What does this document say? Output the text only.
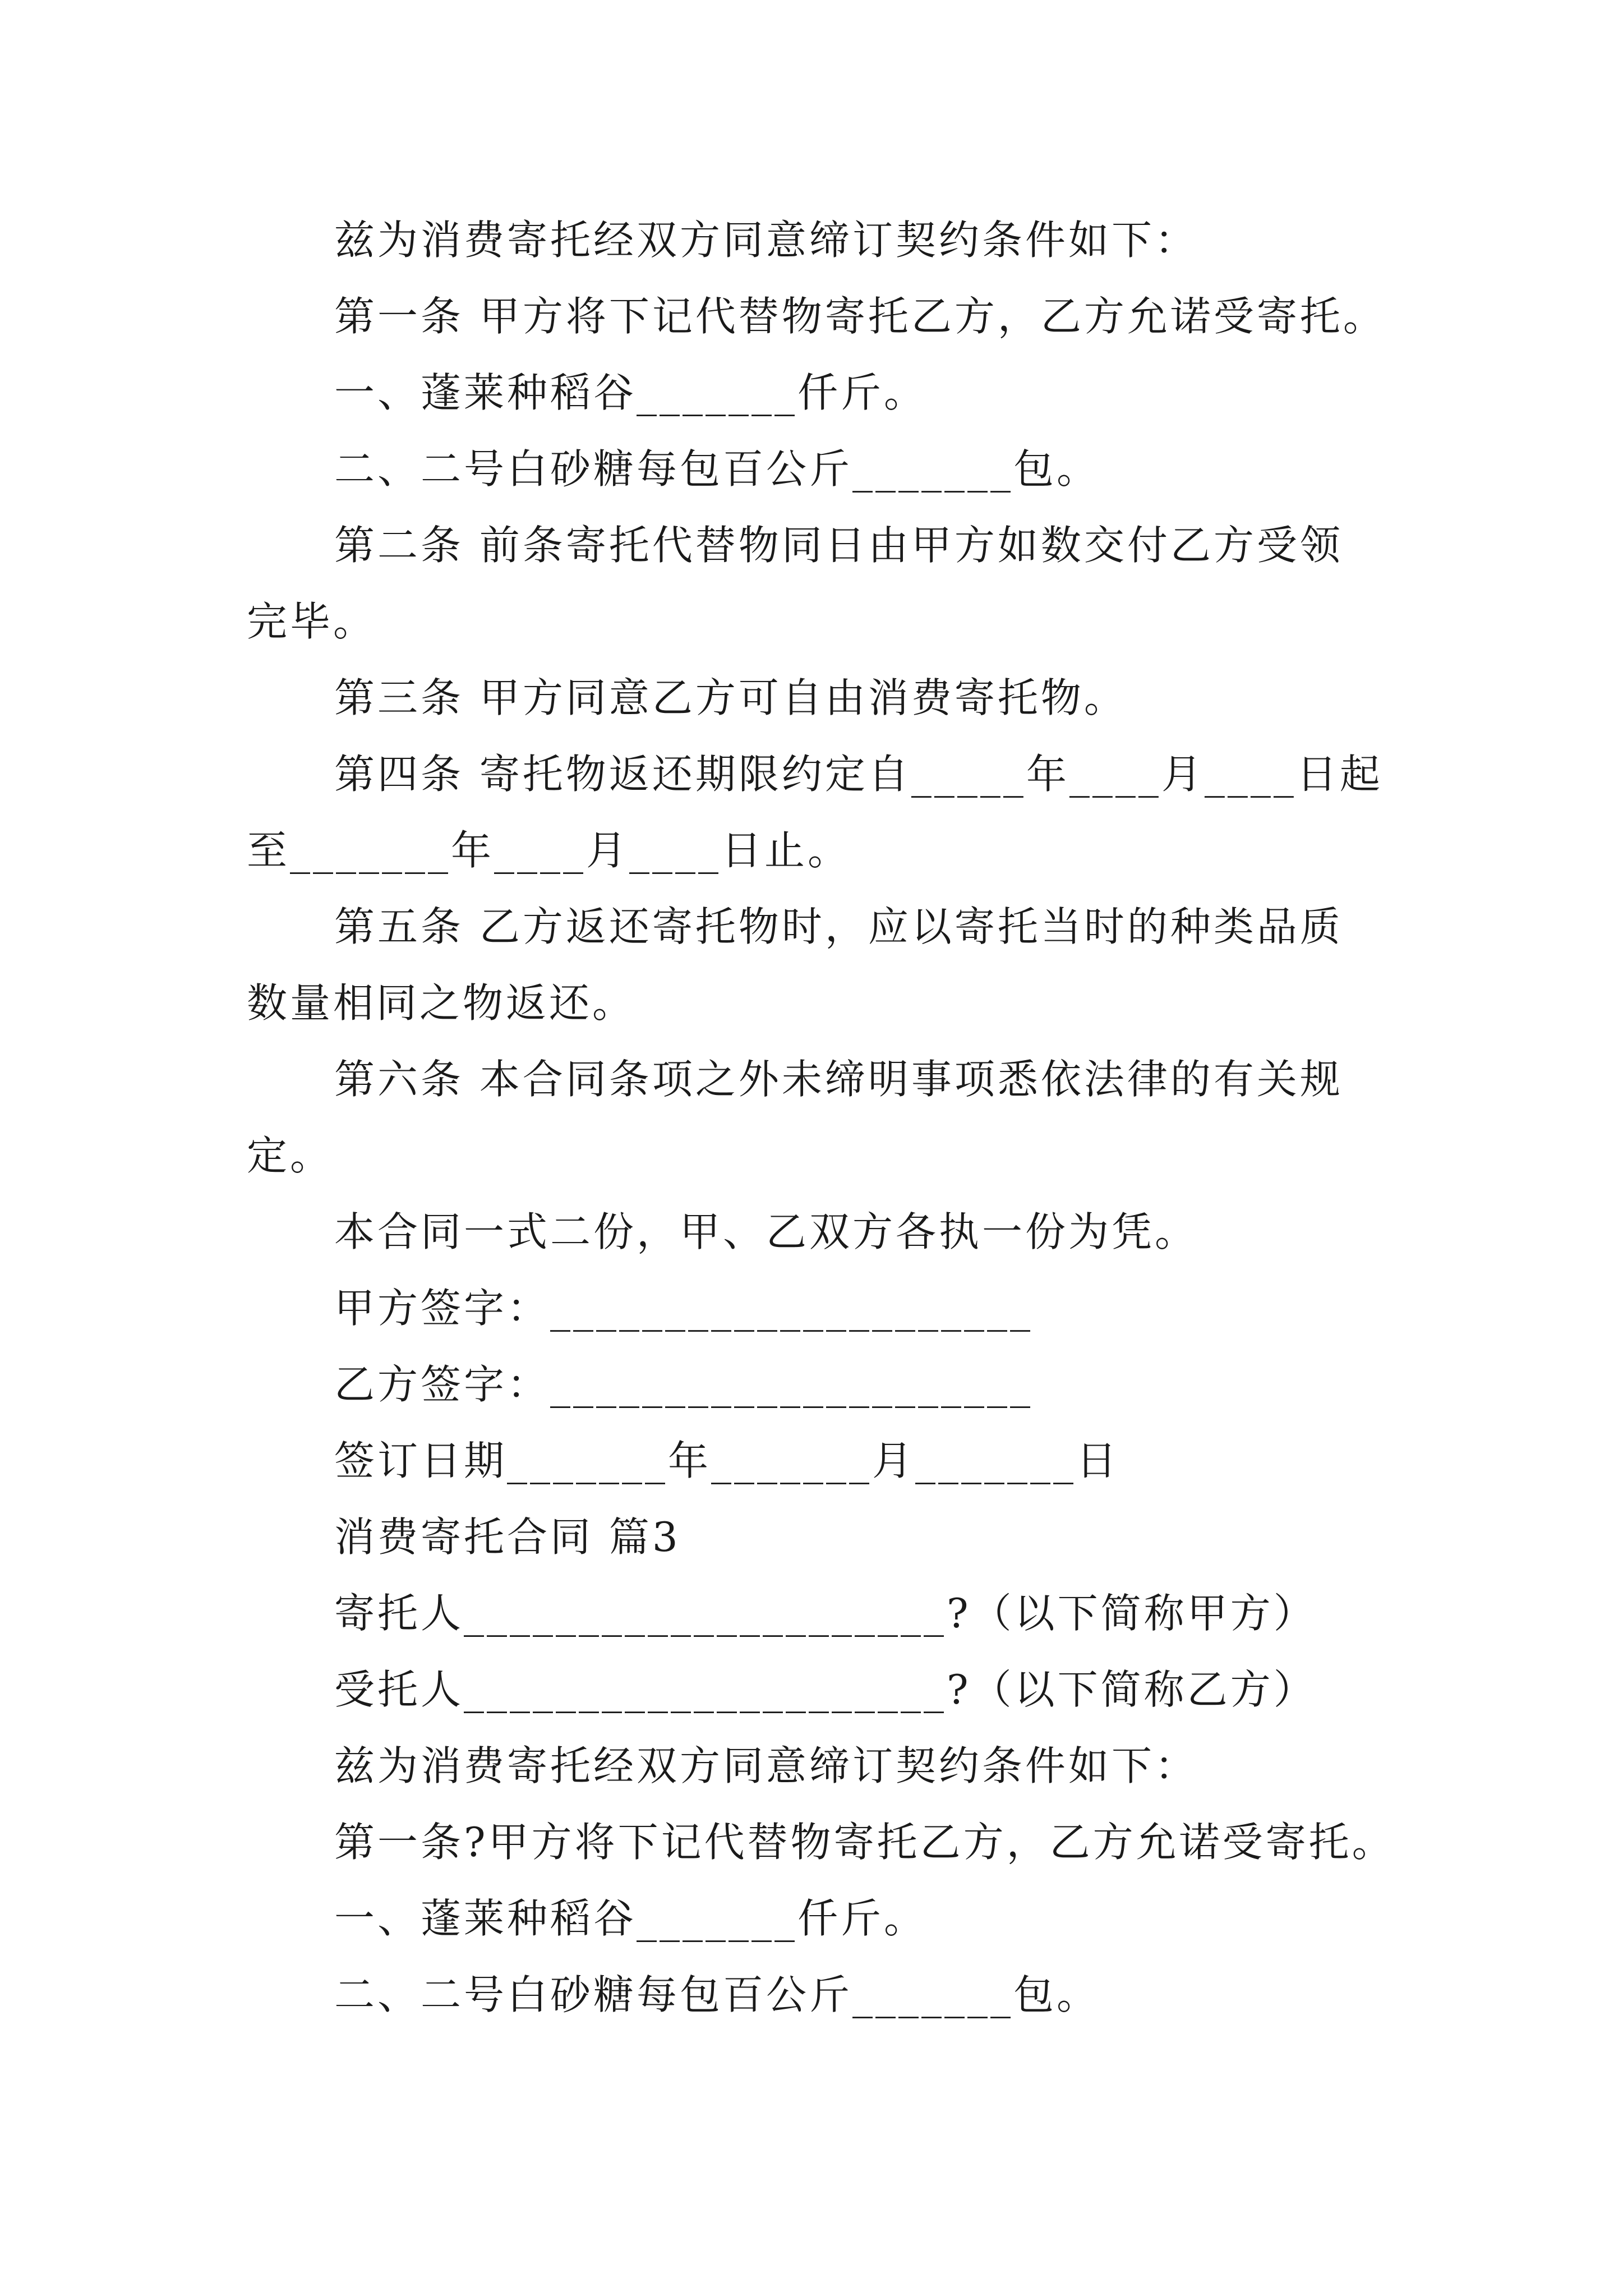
兹为消费寄托经双方同意缔订契约条件如下：
第一条 甲方将下记代替物寄托乙方，乙方允诺受寄托。
一、蓬莱种稻谷_______仟斤。
二、二号白砂糖每包百公斤_______包。
第二条 前条寄托代替物同日由甲方如数交付乙方受领
完毕。
第三条 甲方同意乙方可自由消费寄托物。
第四条 寄托物返还期限约定自_____年____月____日起
至_______年____月____日止。
第五条 乙方返还寄托物时，应以寄托当时的种类品质
数量相同之物返还。
第六条 本合同条项之外未缔明事项悉依法律的有关规
定。
本合同一式二份，甲、乙双方各执一份为凭。
甲方签字：_____________________
乙方签字：_____________________
签订日期_______年_______月_______日
消费寄托合同 篇3
寄托人_____________________?（以下简称甲方）
受托人_____________________?（以下简称乙方）
兹为消费寄托经双方同意缔订契约条件如下：
第一条?甲方将下记代替物寄托乙方，乙方允诺受寄托。
一、蓬莱种稻谷_______仟斤。
二、二号白砂糖每包百公斤_______包。
